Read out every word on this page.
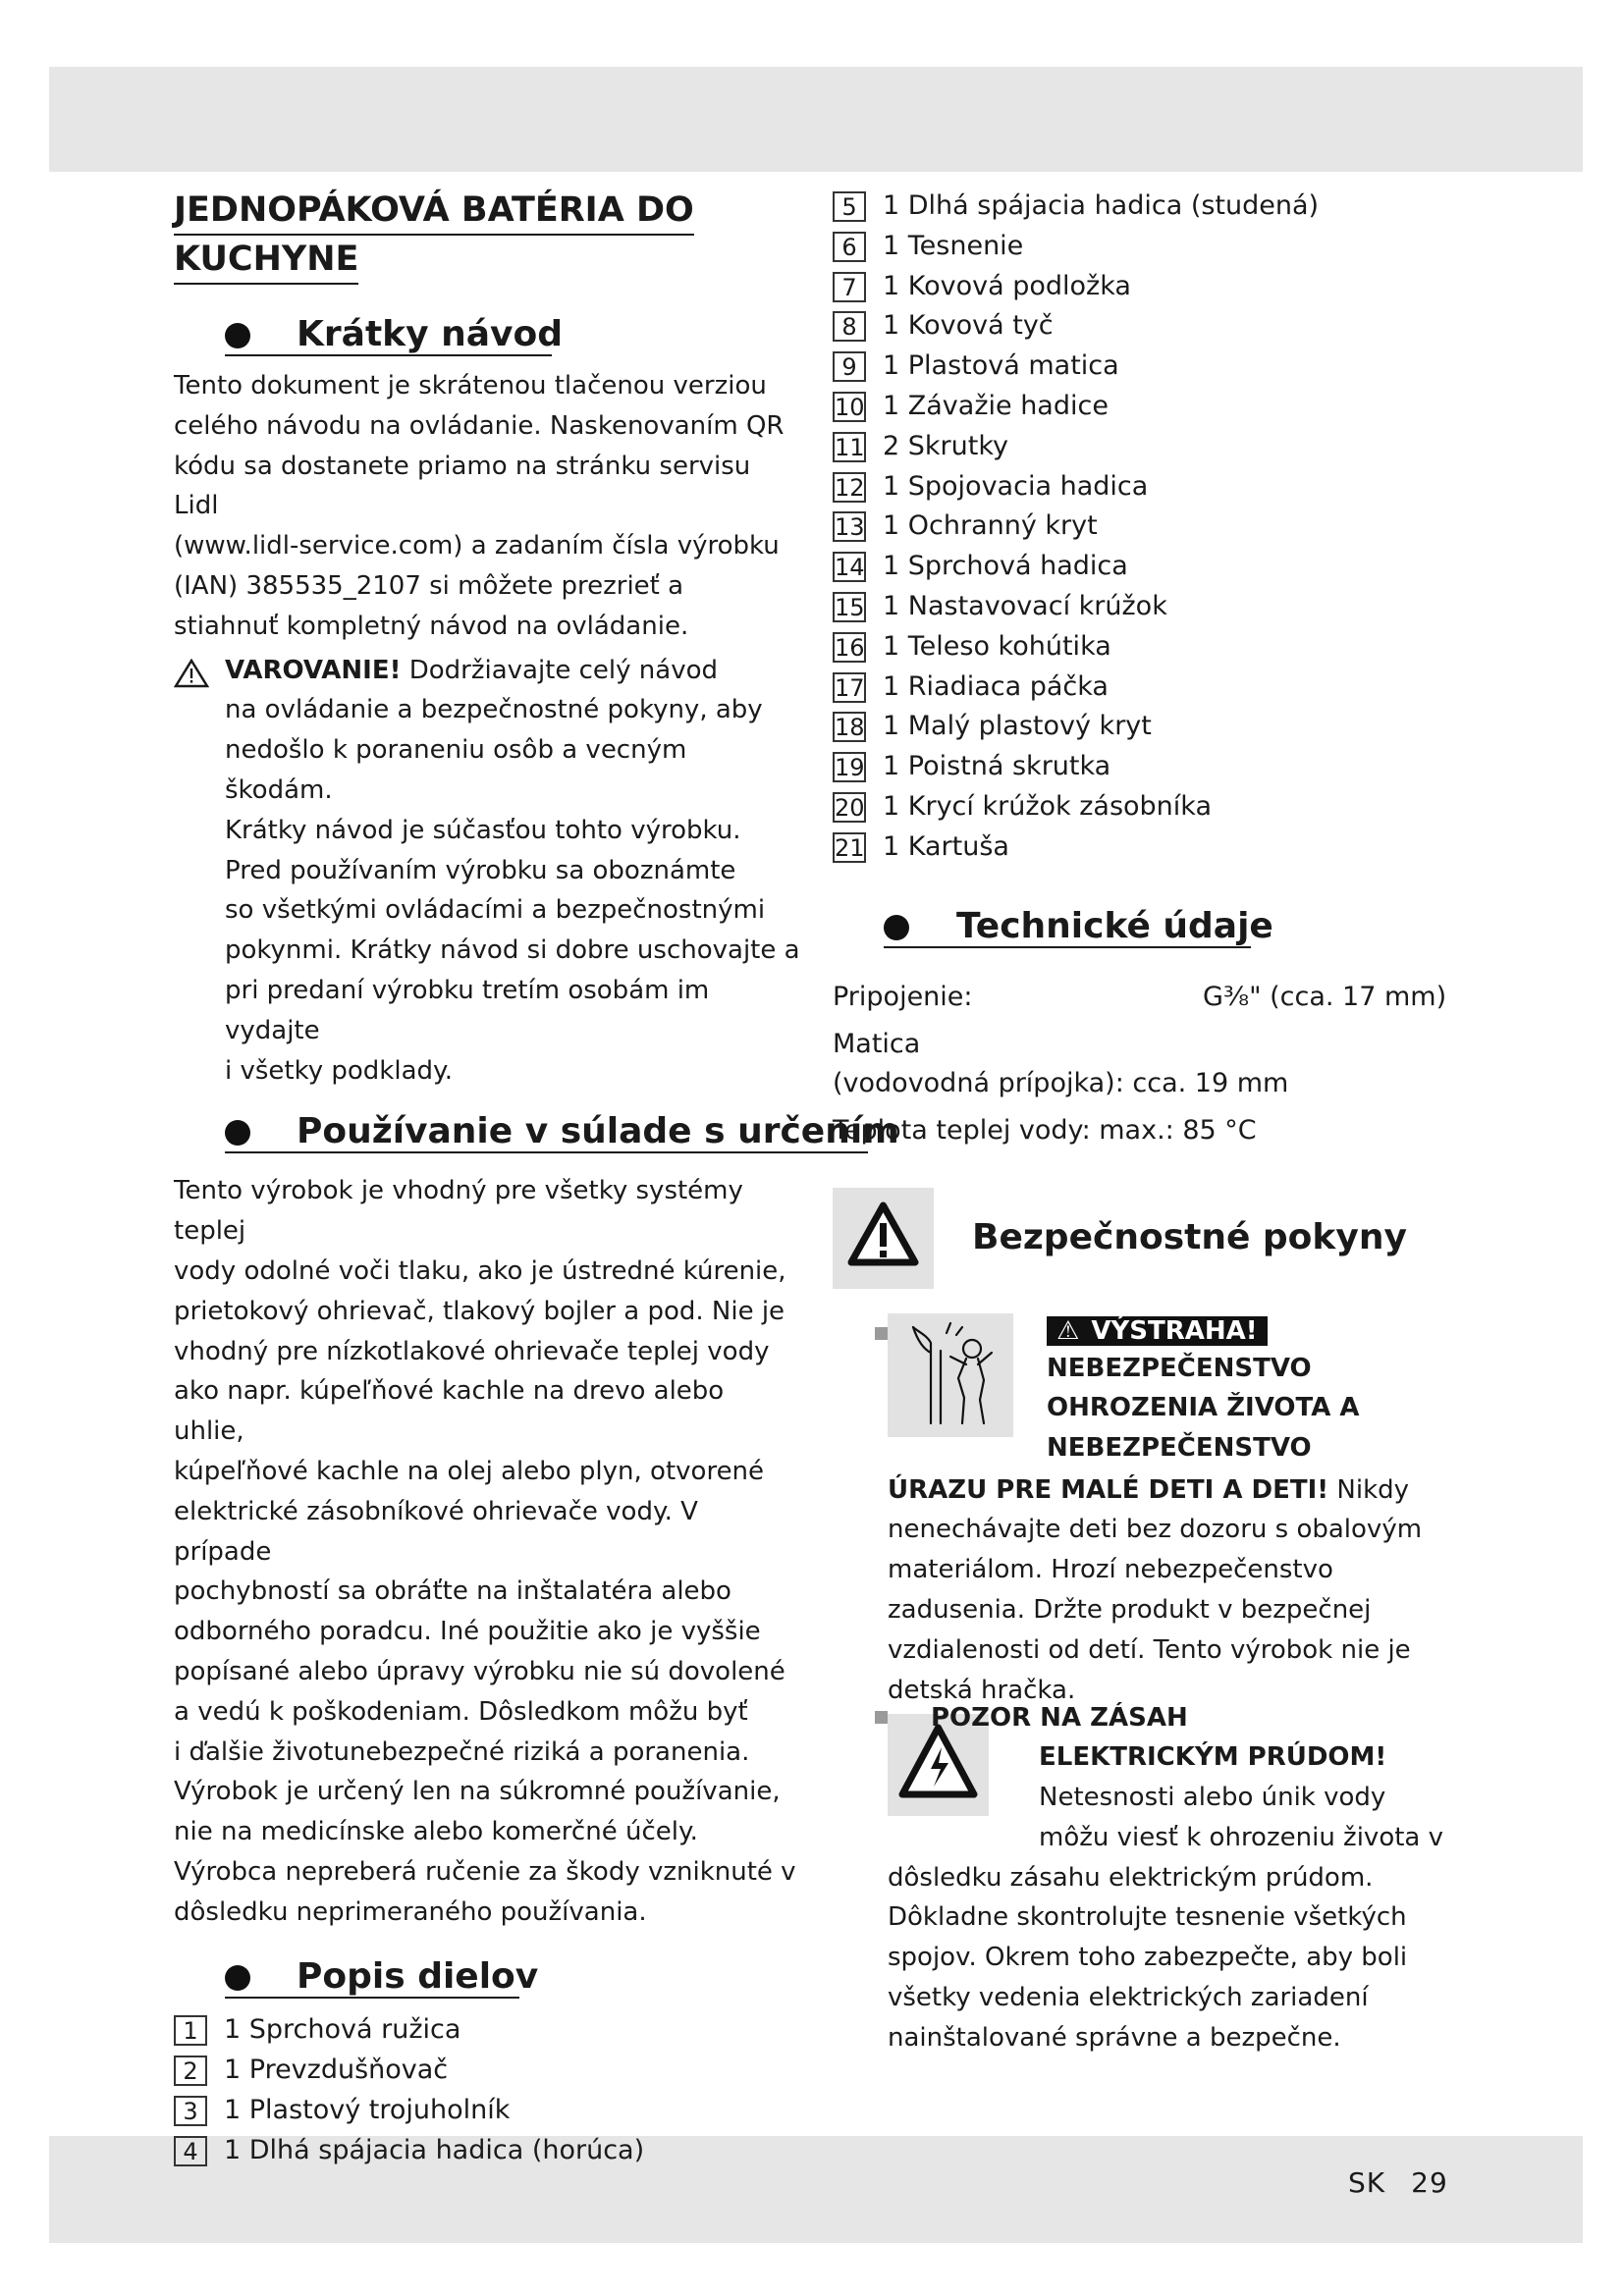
SK 29
JEDNOPÁKOVÁ BATÉRIA DO
KUCHYNE
Krátky návod

Tento dokument je skrátenou tlačenou verziou

celého návodu na ovládanie. Naskenovaním QR

kódu sa dostanete priamo na stránku servisu Lidl

(www.lidl-service.com) a zadaním čísla výrobku

(IAN) 385535_2107 si môžete prezrieť a

stiahnuť kompletný návod na ovládanie.

VAROVANIE! Dodržiavajte celý návod
na ovládanie a bezpečnostné pokyny, aby
nedošlo k poraneniu osôb a vecným škodám.
Krátky návod je súčasťou tohto výrobku.
Pred používaním výrobku sa oboznámte
so všetkými ovládacími a bezpečnostnými
pokynmi. Krátky návod si dobre uschovajte a
pri predaní výrobku tretím osobám im vydajte
i všetky podklady.
Používanie v súlade s určením

Tento výrobok je vhodný pre všetky systémy teplej

vody odolné voči tlaku, ako je ústredné kúrenie,

prietokový ohrievač, tlakový bojler a pod. Nie je

vhodný pre nízkotlakové ohrievače teplej vody

ako napr. kúpeľňové kachle na drevo alebo uhlie,

kúpeľňové kachle na olej alebo plyn, otvorené

elektrické zásobníkové ohrievače vody. V prípade

pochybností sa obráťte na inštalatéra alebo

odborného poradcu. Iné použitie ako je vyššie

popísané alebo úpravy výrobku nie sú dovolené

a vedú k poškodeniam. Dôsledkom môžu byť

i ďalšie životunebezpečné riziká a poranenia.

Výrobok je určený len na súkromné používanie,

nie na medicínske alebo komerčné účely.

Výrobca nepreberá ručenie za škody vzniknuté v

dôsledku neprimeraného používania.

Popis dielov
1 1 Sprchová ružica
2 1 Prevzdušňovač
3 1 Plastový trojuholník
4 1 Dlhá spájacia hadica (horúca)
5 1 Dlhá spájacia hadica (studená)
6 1 Tesnenie
7 1 Kovová podložka
8 1 Kovová tyč
9 1 Plastová matica
10 1 Závažie hadice
11 2 Skrutky
12 1 Spojovacia hadica
13 1 Ochranný kryt
14 1 Sprchová hadica
15 1 Nastavovací krúžok
16 1 Teleso kohútika
17 1 Riadiaca páčka
18 1 Malý plastový kryt
19 1 Poistná skrutka
20 1 Krycí krúžok zásobníka
21 1 Kartuša
Technické údaje
Pripojenie:	G⅜" (cca. 17 mm)
Matica
(vodovodná prípojka): cca. 19 mm
Teplota teplej vody: max.: 85 °C
Bezpečnostné pokyny
⚠ VÝSTRAHA!
NEBEZPEČENSTVO
OHROZENIA ŽIVOTA A
NEBEZPEČENSTVO
ÚRAZU PRE MALÉ DETI A DETI! Nikdy
nenechávajte deti bez dozoru s obalovým
materiálom. Hrozí nebezpečenstvo
zadusenia. Držte produkt v bezpečnej
vzdialenosti od detí. Tento výrobok nie je
detská hračka.
POZOR NA ZÁSAH
ELEKTRICKÝM PRÚDOM!
Netesnosti alebo únik vody
môžu viesť k ohrozeniu života v
dôsledku zásahu elektrickým prúdom.
Dôkladne skontrolujte tesnenie všetkých
spojov. Okrem toho zabezpečte, aby boli
všetky vedenia elektrických zariadení
nainštalované správne a bezpečne.
